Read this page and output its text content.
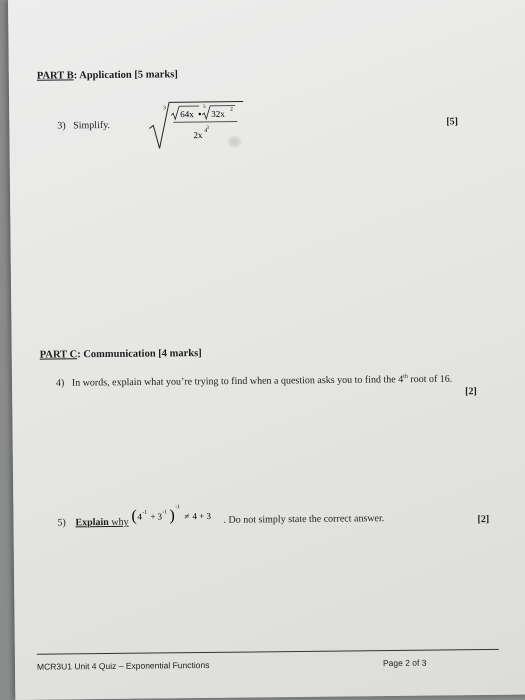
PART B: Application [5 marks]
3) Simplify.
3
64x •
5
32x 2
3
2x 4
[5]
PART C: Communication [4 marks]
4) In words, explain what you’re trying to find when a question asks you to find the 4th root of 16.
[2]
5) Explain why ( 4 -1 + 3 -1 )
-1
≠ 4 + 3 . Do not simply state the correct answer.	[2]
MCR3U1 Unit 4 Quiz – Exponential Functions	Page 2 of 3
